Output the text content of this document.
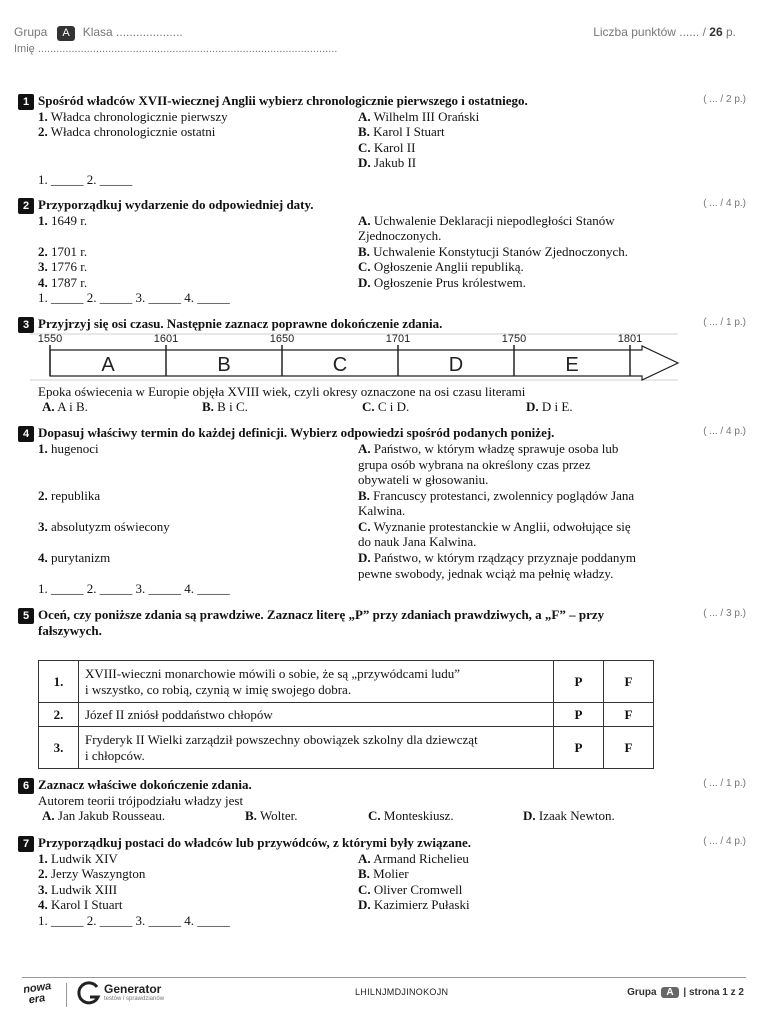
Grupa A Klasa ....................
Imię ..................................................................................................
Liczba punktów ...... / 26 p.
1 Spośród władców XVII-wiecznej Anglii wybierz chronologicznie pierwszego i ostatniego.	( ... / 2 p.)
1. Władca chronologicznie pierwszy
2. Władca chronologicznie ostatni
A. Wilhelm III Orański
B. Karol I Stuart
C. Karol II
D. Jakub II
1. _____ 2. _____
2 Przyporządkuj wydarzenie do odpowiedniej daty.	( ... / 4 p.)
1. 1649 r.
2. 1701 r.
3. 1776 r.
4. 1787 r.
A. Uchwalenie Deklaracji niepodległości Stanów
Zjednoczonych.
B. Uchwalenie Konstytucji Stanów Zjednoczonych.
C. Ogłoszenie Anglii republiką.
D. Ogłoszenie Prus królestwem.
1. _____ 2. _____ 3. _____ 4. _____
3 Przyjrzyj się osi czasu. Następnie zaznacz poprawne dokończenie zdania.	( ... / 1 p.)
1550	1601	1650	1701	1750	1801
A	B	C	D	E
Epoka oświecenia w Europie objęła XVIII wiek, czyli okresy oznaczone na osi czasu literami
A. A i B.	B. B i C.	C. C i D.	D. D i E.
4 Dopasuj właściwy termin do każdej definicji. Wybierz odpowiedzi spośród podanych poniżej.	( ... / 4 p.)
1. hugenoci
2. republika
3. absolutyzm oświecony
4. purytanizm
A. Państwo, w którym władzę sprawuje osoba lub
grupa osób wybrana na określony czas przez
obywateli w głosowaniu.
B. Francuscy protestanci, zwolennicy poglądów Jana
Kalwina.
C. Wyznanie protestanckie w Anglii, odwołujące się
do nauk Jana Kalwina.
D. Państwo, w którym rządzący przyznaje poddanym
pewne swobody, jednak wciąż ma pełnię władzy.
1. _____ 2. _____ 3. _____ 4. _____
5 Oceń, czy poniższe zdania są prawdziwe. Zaznacz literę „P” przy zdaniach prawdziwych, a „F” – przy
fałszywych.
( ... / 3 p.)
1.	XVIII-wieczni monarchowie mówili o sobie, że są „przywódcami ludu”
i wszystko, co robią, czynią w imię swojego dobra.	P	F
2.	Józef II zniósł poddaństwo chłopów	P	F
3.	Fryderyk II Wielki zarządził powszechny obowiązek szkolny dla dziewcząt
i chłopców.	P	F
6 Zaznacz właściwe dokończenie zdania.	( ... / 1 p.)
Autorem teorii trójpodziału władzy jest
A. Jan Jakub Rousseau.	B. Wolter.	C. Monteskiusz.	D. Izaak Newton.
7 Przyporządkuj postaci do władców lub przywódców, z którymi były związane.	( ... / 4 p.)
1. Ludwik XIV
2. Jerzy Waszyngton
3. Ludwik XIII
4. Karol I Stuart
A. Armand Richelieu
B. Molier
C. Oliver Cromwell
D. Kazimierz Pułaski
1. _____ 2. _____ 3. _____ 4. _____
nowa
era
Generator
testów i sprawdzianów
LHILNJMDJINOKOJN	Grupa A | strona 1 z 2
